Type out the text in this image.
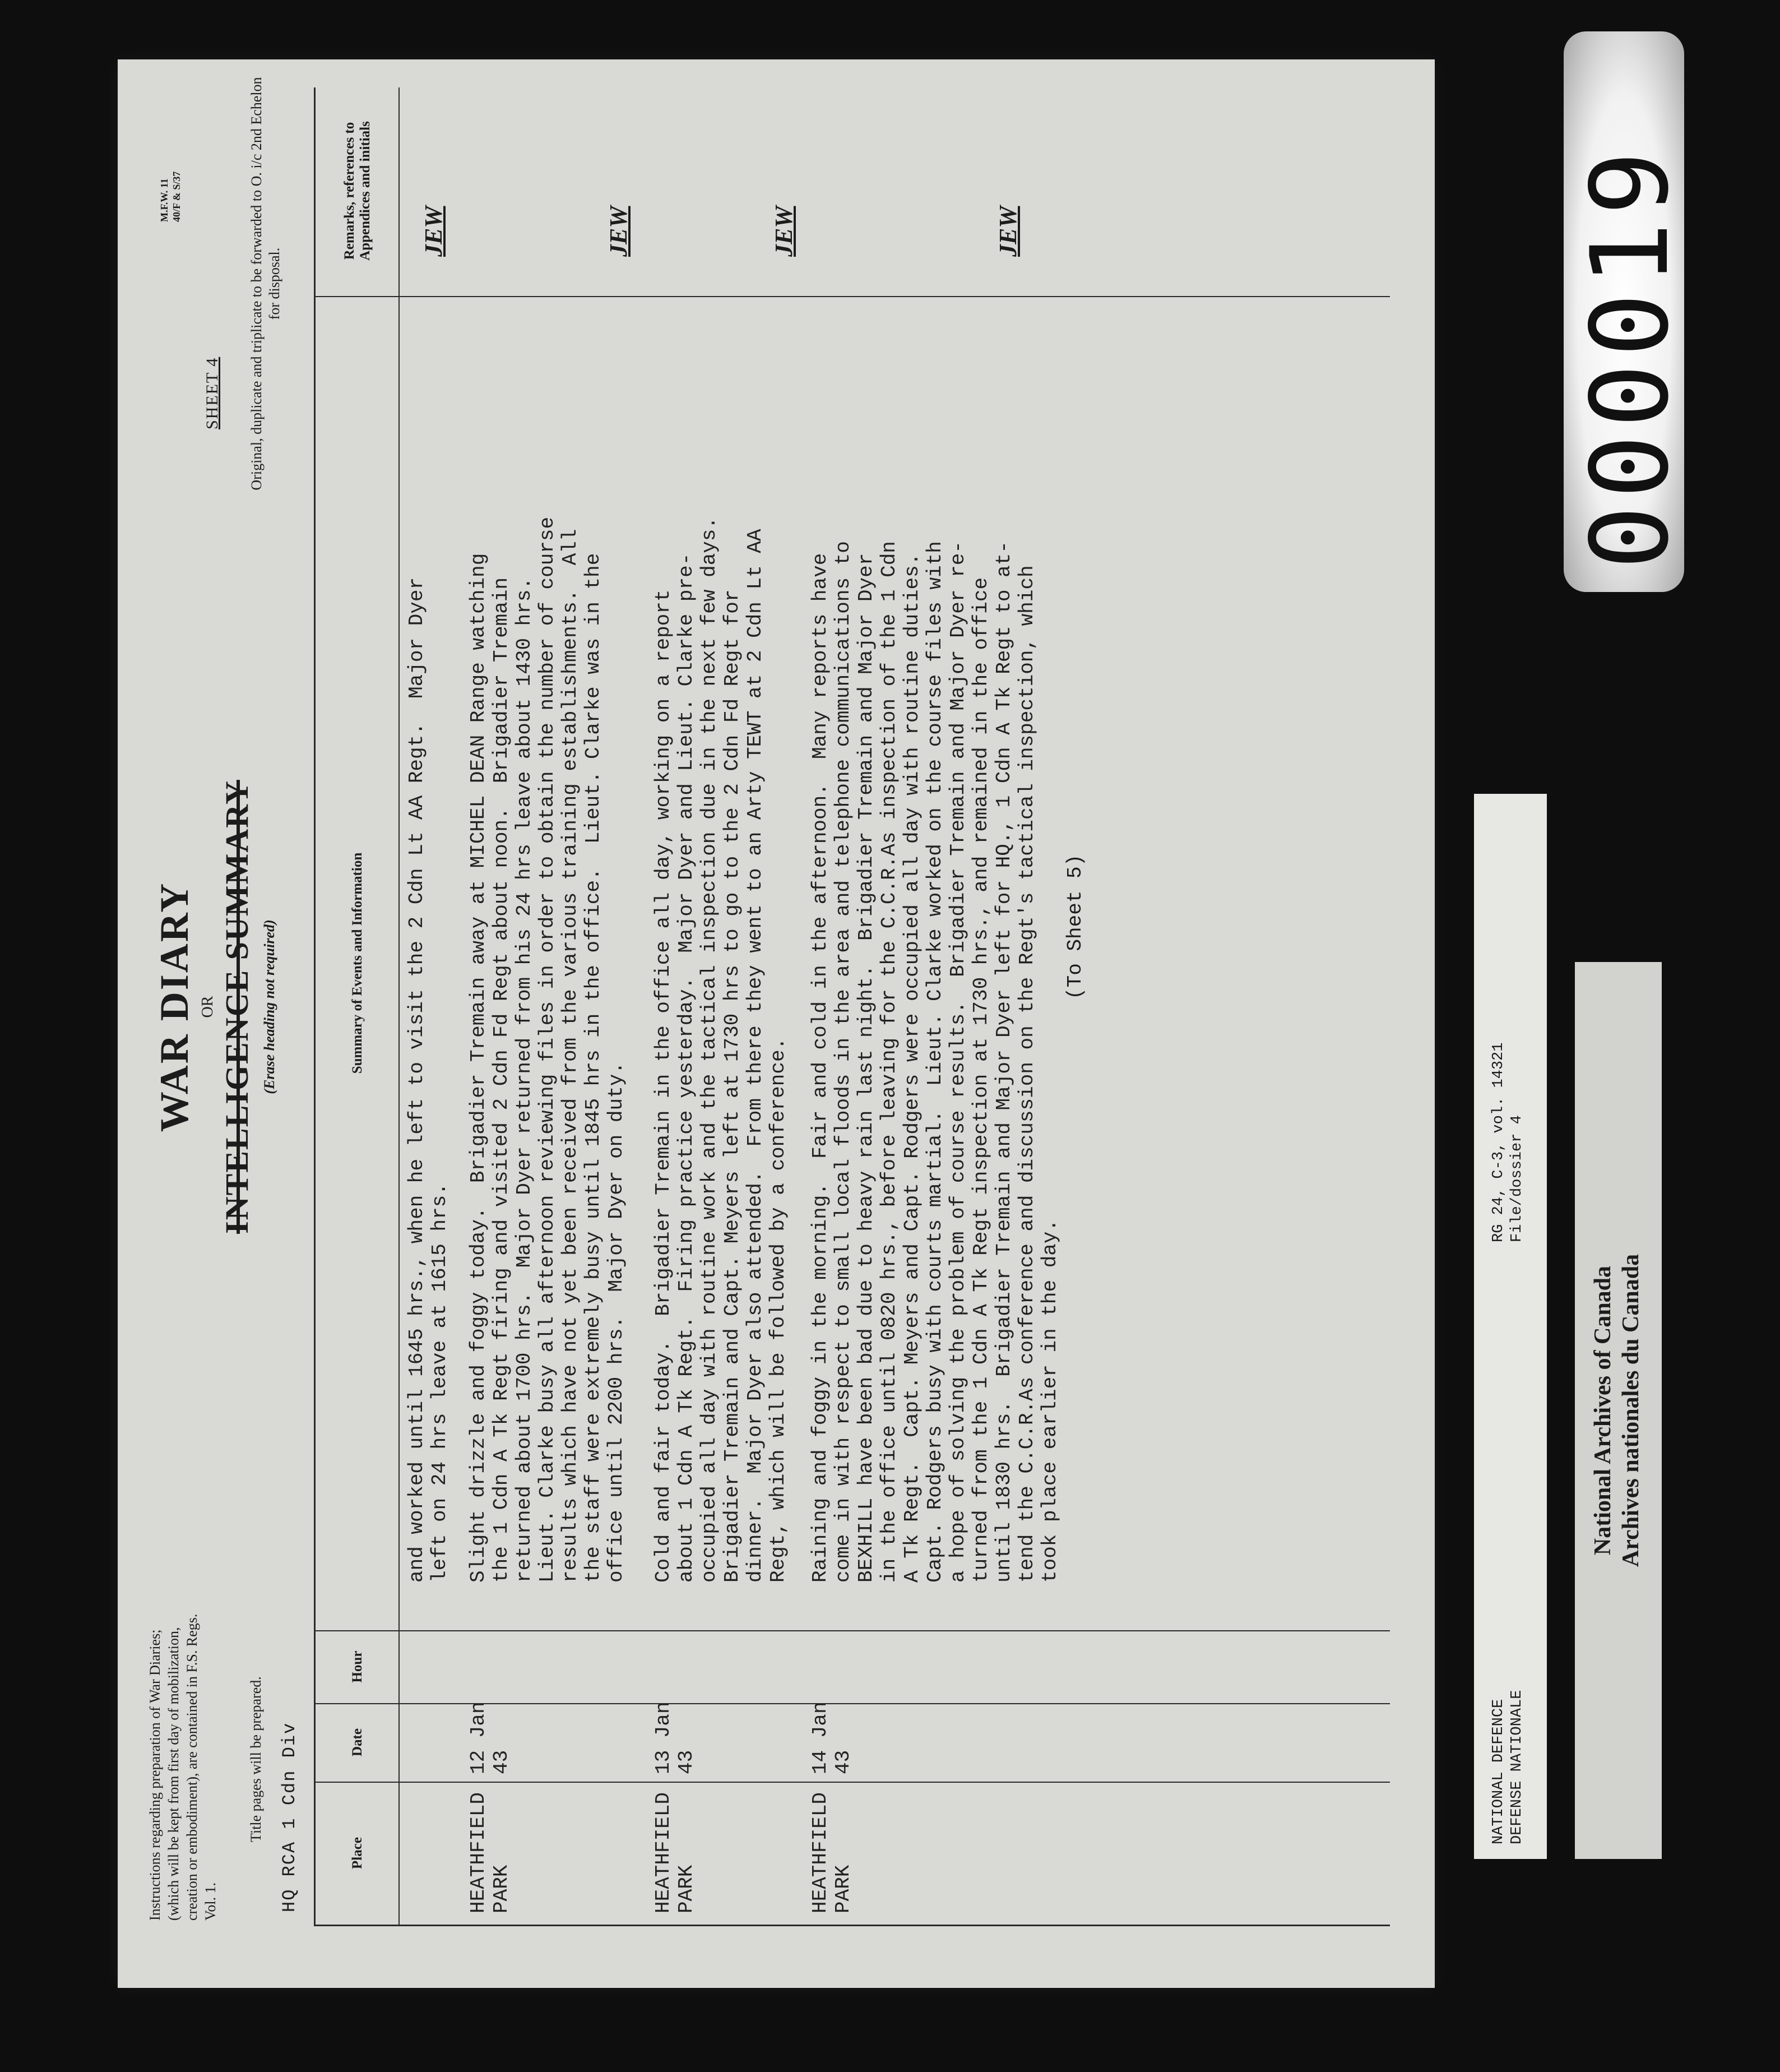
Instructions regarding preparation of War Diaries; (which will be kept from first day of mobilization, creation or embodiment), are contained in F.S. Regs. Vol. 1.
Title pages will be prepared. HQ RCA 1 Cdn Div
WAR DIARY OR INTELLIGENCE SUMMARY (Erase heading not required)
SHEET 4
M.F.W. 11
40/F & S/37	Original, duplicate and triplicate to be forwarded to O. i/c 2nd Echelon for disposal.
Place
Date
Hour
Summary of Events and Information
Remarks, references to Appendices and initials
and worked until 1645 hrs., when he left to visit the 2 Cdn Lt AA Regt.  Major Dyer
left on 24 hrs leave at 1615 hrs.
JEW
HEATHFIELD
PARK
12 Jan
43
Slight drizzle and foggy today.  Brigadier Tremain away at MICHEL DEAN Range watching
the 1 Cdn A Tk Regt firing and visited 2 Cdn Fd Regt about noon.  Brigadier Tremain
returned about 1700 hrs.  Major Dyer returned from his 24 hrs leave about 1430 hrs.
Lieut. Clarke busy all afternoon reviewing files in order to obtain the number of course
results which have not yet been received from the various training establishments.  All
the staff were extremely busy until 1845 hrs in the office.  Lieut. Clarke was in the
office until 2200 hrs.  Major Dyer on duty.
JEW
HEATHFIELD
PARK
13 Jan
43
Cold and fair today.  Brigadier Tremain in the office all day, working on a report
about 1 Cdn A Tk Regt.  Firing practice yesterday.  Major Dyer and Lieut. Clarke pre-
occupied all day with routine work and the tactical inspection due in the next few days.
Brigadier Tremain and Capt. Meyers left at 1730 hrs to go to the 2 Cdn Fd Regt for
dinner.  Major Dyer also attended.  From there they went to an Arty TEWT at 2 Cdn Lt AA
Regt, which will be followed by a conference.
JEW
HEATHFIELD
PARK
14 Jan
43
Raining and foggy in the morning.  Fair and cold in the afternoon.  Many reports have
come in with respect to small local floods in the area and telephone communications to
BEXHILL have been bad due to heavy rain last night.  Brigadier Tremain and Major Dyer
in the office until 0820 hrs., before leaving for the C.C.R.As inspection of the 1 Cdn
A Tk Regt.  Capt. Meyers and Capt. Rodgers were occupied all day with routine duties.
Capt. Rodgers busy with courts martial.  Lieut. Clarke worked on the course files with
a hope of solving the problem of course results.  Brigadier Tremain and Major Dyer re-
turned from the 1 Cdn A Tk Regt inspection at 1730 hrs., and remained in the office
until 1830 hrs.  Brigadier Tremain and Major Dyer left for HQ., 1 Cdn A Tk Regt to at-
tend the C.C.R.As conference and discussion on the Regt's tactical inspection, which
took place earlier in the day.
JEW
(To Sheet 5)
NATIONAL DEFENCE
DEFENSE NATIONALE
RG 24, C-3, vol. 14321
File/dossier 4
National Archives of Canada Archives nationales du Canada
000019
